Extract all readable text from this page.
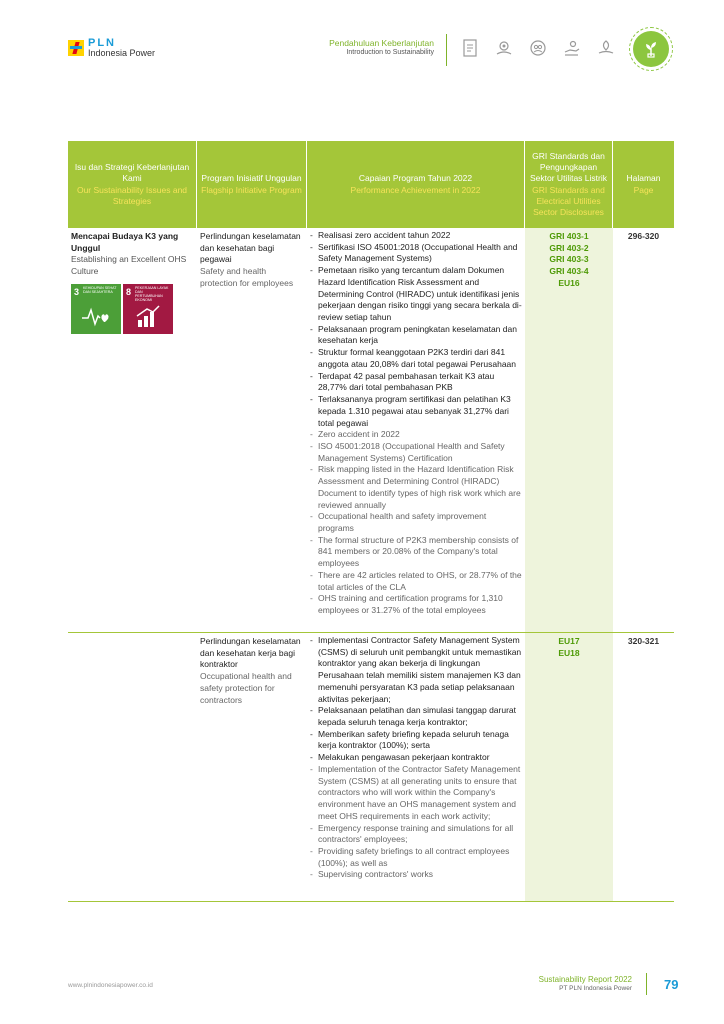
PLN
Indonesia Power
Pendahuluan Keberlanjutan
Introduction to Sustainability
Isu dan Strategi Keberlanjutan Kami
Our Sustainability Issues and Strategies
Program Inisiatif Unggulan
Flagship Initiative Program
Capaian Program Tahun 2022
Performance Achievement in 2022
GRI Standards dan Pengungkapan Sektor Utilitas Listrik
GRI Standards and Electrical Utilities Sector Disclosures
Halaman
Page
Mencapai Budaya K3 yang Unggul
Establishing an Excellent OHS Culture
3 KEHIDUPAN SEHAT DAN SEJAHTERA	8 PEKERJAAN LAYAK DAN PERTUMBUHAN EKONOMI
Perlindungan keselamatan dan kesehatan bagi pegawai
Safety and health protection for employees
- Realisasi zero accident tahun 2022
- Sertifikasi ISO 45001:2018 (Occupational Health and Safety Management Systems)
- Pemetaan risiko yang tercantum dalam Dokumen Hazard Identification Risk Assessment and Determining Control (HIRADC) untuk identifikasi jenis pekerjaan dengan risiko tinggi yang secara berkala di-review setiap tahun
- Pelaksanaan program peningkatan keselamatan dan kesehatan kerja
- Struktur formal keanggotaan P2K3 terdiri dari 841 anggota atau 20,08% dari total pegawai Perusahaan
- Terdapat 42 pasal pembahasan terkait K3 atau 28,77% dari total pembahasan PKB
- Terlaksananya program sertifikasi dan pelatihan K3 kepada 1.310 pegawai atau sebanyak 31,27% dari total pegawai
- Zero accident in 2022
- ISO 45001:2018 (Occupational Health and Safety Management Systems) Certification
- Risk mapping listed in the Hazard Identification Risk Assessment and Determining Control (HIRADC) Document to identify types of high risk work which are reviewed annually
- Occupational health and safety improvement programs
- The formal structure of P2K3 membership consists of 841 members or 20.08% of the Company's total employees
- There are 42 articles related to OHS, or 28.77% of the total articles of the CLA
- OHS training and certification programs for 1,310 employees or 31.27% of the total employees
GRI 403-1
GRI 403-2
GRI 403-3
GRI 403-4
EU16
296-320
Perlindungan keselamatan dan kesehatan kerja bagi kontraktor
Occupational health and safety protection for contractors
- Implementasi Contractor Safety Management System (CSMS) di seluruh unit pembangkit untuk memastikan kontraktor yang akan bekerja di lingkungan Perusahaan telah memiliki sistem manajemen K3 dan memenuhi persyaratan K3 pada setiap pelaksanaan aktivitas pekerjaan;
- Pelaksanaan pelatihan dan simulasi tanggap darurat kepada seluruh tenaga kerja kontraktor;
- Memberikan safety briefing kepada seluruh tenaga kerja kontraktor (100%); serta
- Melakukan pengawasan pekerjaan kontraktor
- Implementation of the Contractor Safety Management System (CSMS) at all generating units to ensure that contractors who will work within the Company's environment have an OHS management system and meet OHS requirements in each work activity;
- Emergency response training and simulations for all contractors' employees;
- Providing safety briefings to all contract employees (100%); as well as
- Supervising contractors' works
EU17
EU18
320-321
www.plnindonesiapower.co.id
Sustainability Report 2022
PT PLN Indonesia Power 79
